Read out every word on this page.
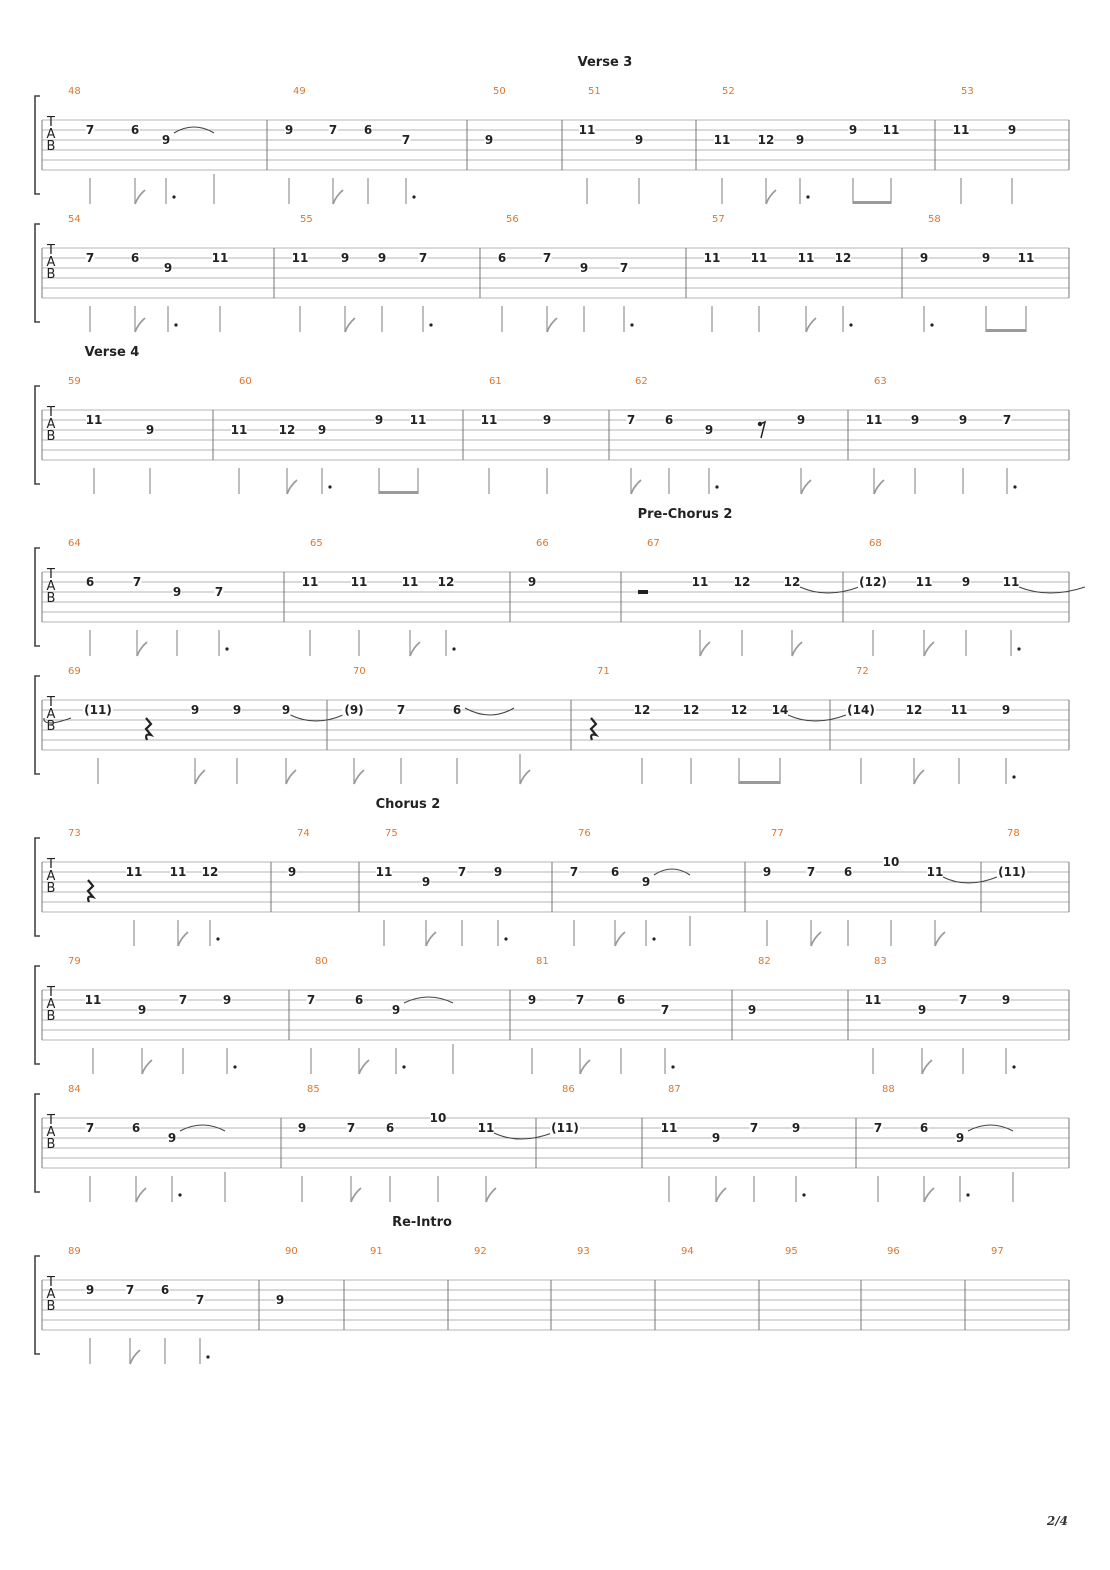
Verse 3
T
A
B
48
7	6
9
49
9	7 6
7
50
9
51
11
9
52
11 12 9
9 11
53
11	9
T
A
B
54
7	6
9
11
55
11	9 9	7
56
6	7
9	7
57
11	11	11 12
58
9	9 11
Verse 4
T
A
B
59
11
9
60
11	12 9
9 11
61
11	9
62
7 6
9
9
63
11 9	9	7
Pre-Chorus 2
T
A
B
64
6	7
9	7
65
11	11	11 12
66
9
67
11 12	12
68
(12) 11 9	11
T
A
B
69
(11)	9	9	9
70
(9)	7	6
71
12	12	12 14
72
(14)	12 11	9
Chorus 2
T
A
B
73
11 11 12
74
9
75
11
9
7 9
76
7	6
9
77
9	7 6
10
11
78
(11)
T
A
B
79
11
9
7	9
80
7	6
9
81
9	7	6
7
82
9
83
11
9
7	9
T
A
B
84
7	6
9
85
9	7	6
10
11
86
(11)
87
11
9
7	9
88
7	6
9
Re-Intro
T
A
B
89
9	7 6
7
90
9
91	92	93	94	95	96	97
2/4
